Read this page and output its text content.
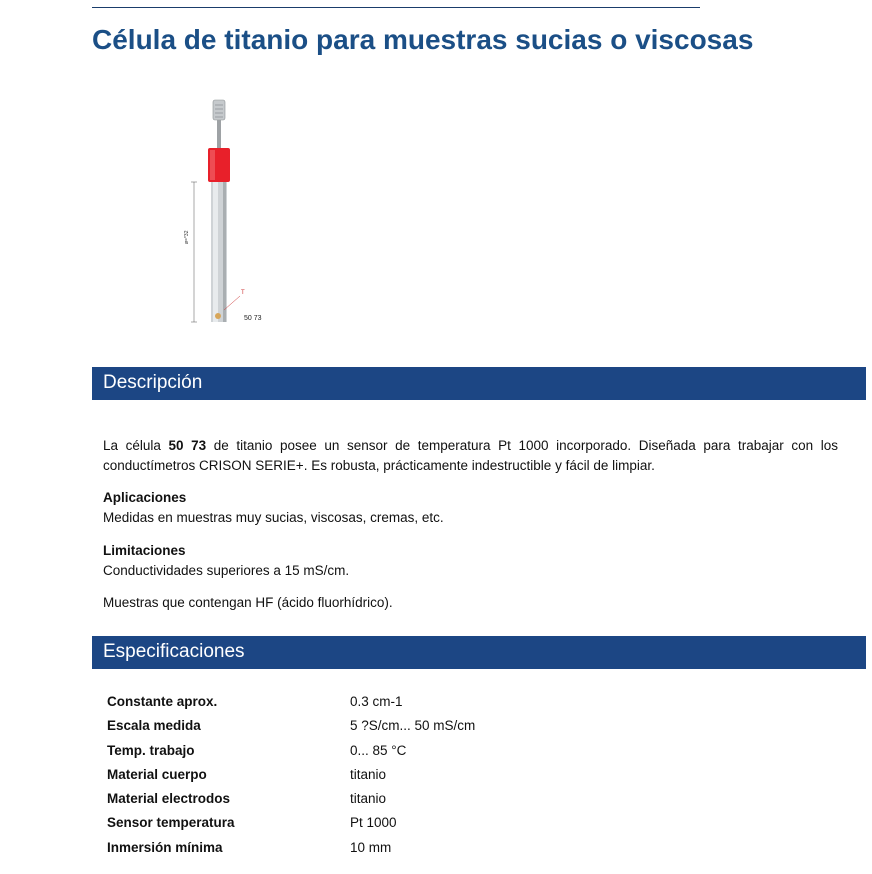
Célula de titanio para muestras sucias o viscosas
T
ø=*32
50 73
Descripción
La célula 50 73 de titanio posee un sensor de temperatura Pt 1000 incorporado. Diseñada para trabajar con los conductímetros CRISON SERIE+. Es robusta, prácticamente indestructible y fácil de limpiar.
Aplicaciones
Medidas en muestras muy sucias, viscosas, cremas, etc.
Limitaciones
Conductividades superiores a 15 mS/cm.
Muestras que contengan HF (ácido fluorhídrico).
Especificaciones
Constante aprox.	0.3 cm-1
Escala medida	5 ?S/cm... 50 mS/cm
Temp. trabajo	0... 85 °C
Material cuerpo	titanio
Material electrodos	titanio
Sensor temperatura	Pt 1000
Inmersión mínima	10 mm
